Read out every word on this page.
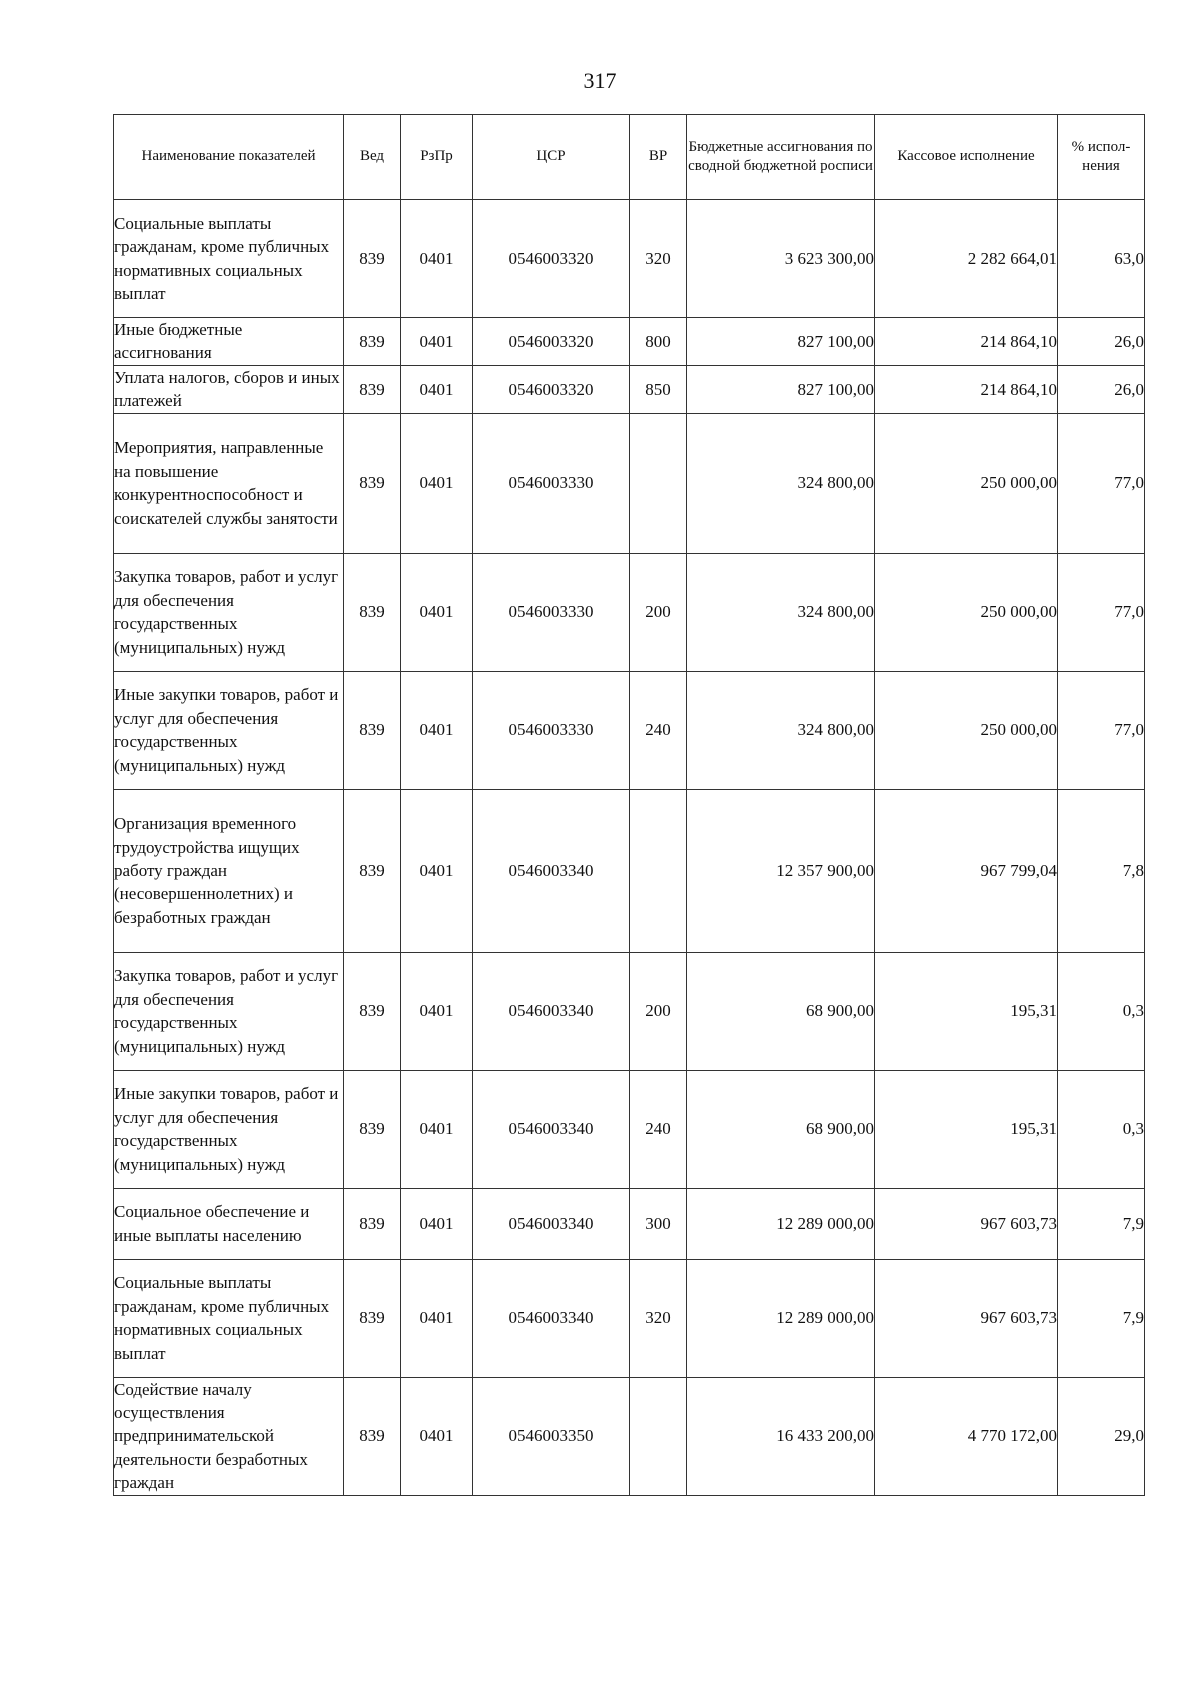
317
Наименование показателей	Вед	РзПр	ЦСР	ВР	Бюджетные ассигнования по сводной бюджетной росписи	Кассовое исполнение	% испол-нения
Социальные выплаты гражданам, кроме публичных нормативных социальных выплат	839	0401	0546003320	320	3 623 300,00	2 282 664,01	63,0
Иные бюджетные ассигнования	839	0401	0546003320	800	827 100,00	214 864,10	26,0
Уплата налогов, сборов и иных платежей	839	0401	0546003320	850	827 100,00	214 864,10	26,0
Мероприятия, направленные на повышение конкурентноспособност и соискателей службы занятости	839	0401	0546003330		324 800,00	250 000,00	77,0
Закупка товаров, работ и услуг для обеспечения государственных (муниципальных) нужд	839	0401	0546003330	200	324 800,00	250 000,00	77,0
Иные закупки товаров, работ и услуг для обеспечения государственных (муниципальных) нужд	839	0401	0546003330	240	324 800,00	250 000,00	77,0
Организация временного трудоустройства ищущих работу граждан (несовершеннолетних) и безработных граждан	839	0401	0546003340		12 357 900,00	967 799,04	7,8
Закупка товаров, работ и услуг для обеспечения государственных (муниципальных) нужд	839	0401	0546003340	200	68 900,00	195,31	0,3
Иные закупки товаров, работ и услуг для обеспечения государственных (муниципальных) нужд	839	0401	0546003340	240	68 900,00	195,31	0,3
Социальное обеспечение и иные выплаты населению	839	0401	0546003340	300	12 289 000,00	967 603,73	7,9
Социальные выплаты гражданам, кроме публичных нормативных социальных выплат	839	0401	0546003340	320	12 289 000,00	967 603,73	7,9
Содействие началу осуществления предпринимательской деятельности безработных граждан	839	0401	0546003350		16 433 200,00	4 770 172,00	29,0
